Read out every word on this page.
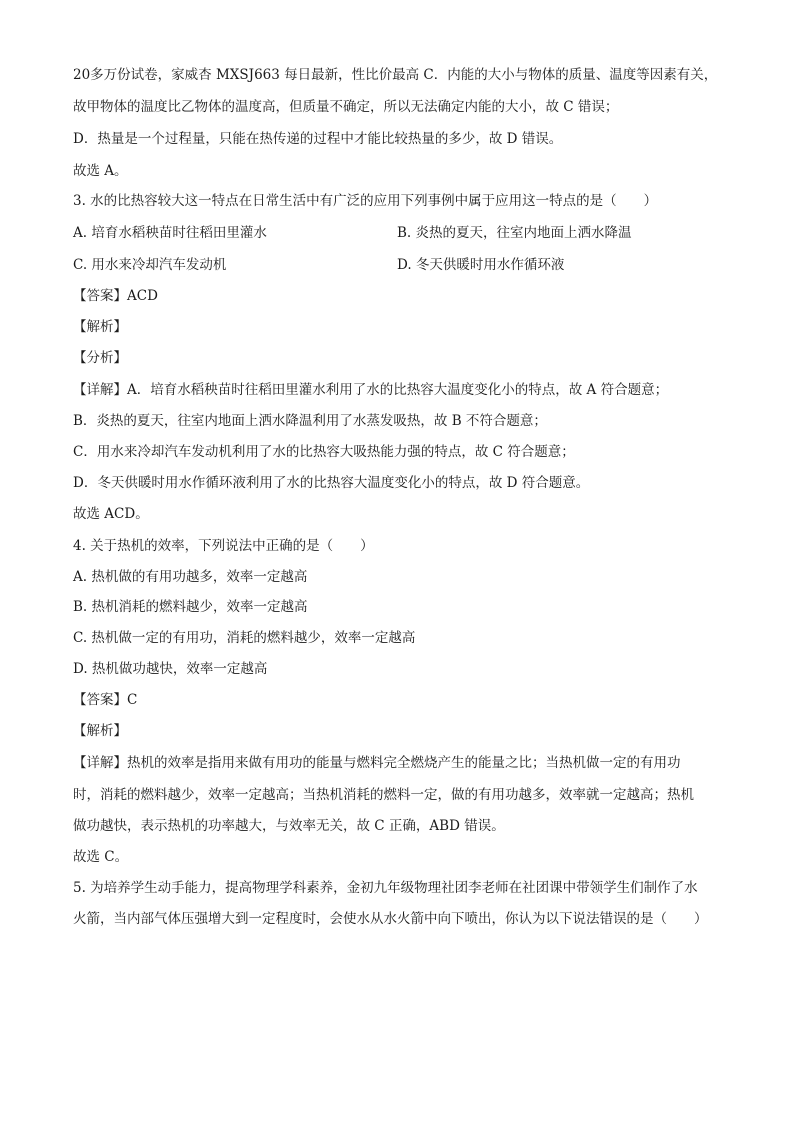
20多万份试卷，家威杏 MXSJ663 每日最新，性比价最高 C．内能的大小与物体的质量、温度等因素有关，
故甲物体的温度比乙物体的温度高，但质量不确定，所以无法确定内能的大小，故 C 错误；
D．热量是一个过程量，只能在热传递的过程中才能比较热量的多少，故 D 错误。
故选 A。
3. 水的比热容较大这一特点在日常生活中有广泛的应用下列事例中属于应用这一特点的是（　　）
A. 培育水稻秧苗时往稻田里灌水	B. 炎热的夏天，往室内地面上洒水降温
C. 用水来冷却汽车发动机	D. 冬天供暖时用水作循环液
【答案】ACD
【解析】
【分析】
【详解】A．培育水稻秧苗时往稻田里灌水利用了水的比热容大温度变化小的特点，故 A 符合题意；
B．炎热的夏天，往室内地面上洒水降温利用了水蒸发吸热，故 B 不符合题意；
C．用水来冷却汽车发动机利用了水的比热容大吸热能力强的特点，故 C 符合题意；
D．冬天供暖时用水作循环液利用了水的比热容大温度变化小的特点，故 D 符合题意。
故选 ACD。
4. 关于热机的效率，下列说法中正确的是（　　）
A. 热机做的有用功越多，效率一定越高
B. 热机消耗的燃料越少，效率一定越高
C. 热机做一定的有用功，消耗的燃料越少，效率一定越高
D. 热机做功越快，效率一定越高
【答案】C
【解析】
【详解】热机的效率是指用来做有用功的能量与燃料完全燃烧产生的能量之比；当热机做一定的有用功
时，消耗的燃料越少，效率一定越高；当热机消耗的燃料一定，做的有用功越多，效率就一定越高；热机
做功越快，表示热机的功率越大，与效率无关，故 C 正确，ABD 错误。
故选 C。
5. 为培养学生动手能力，提高物理学科素养，金初九年级物理社团李老师在社团课中带领学生们制作了水
火箭，当内部气体压强增大到一定程度时，会使水从水火箭中向下喷出，你认为以下说法错误的是（　　）
